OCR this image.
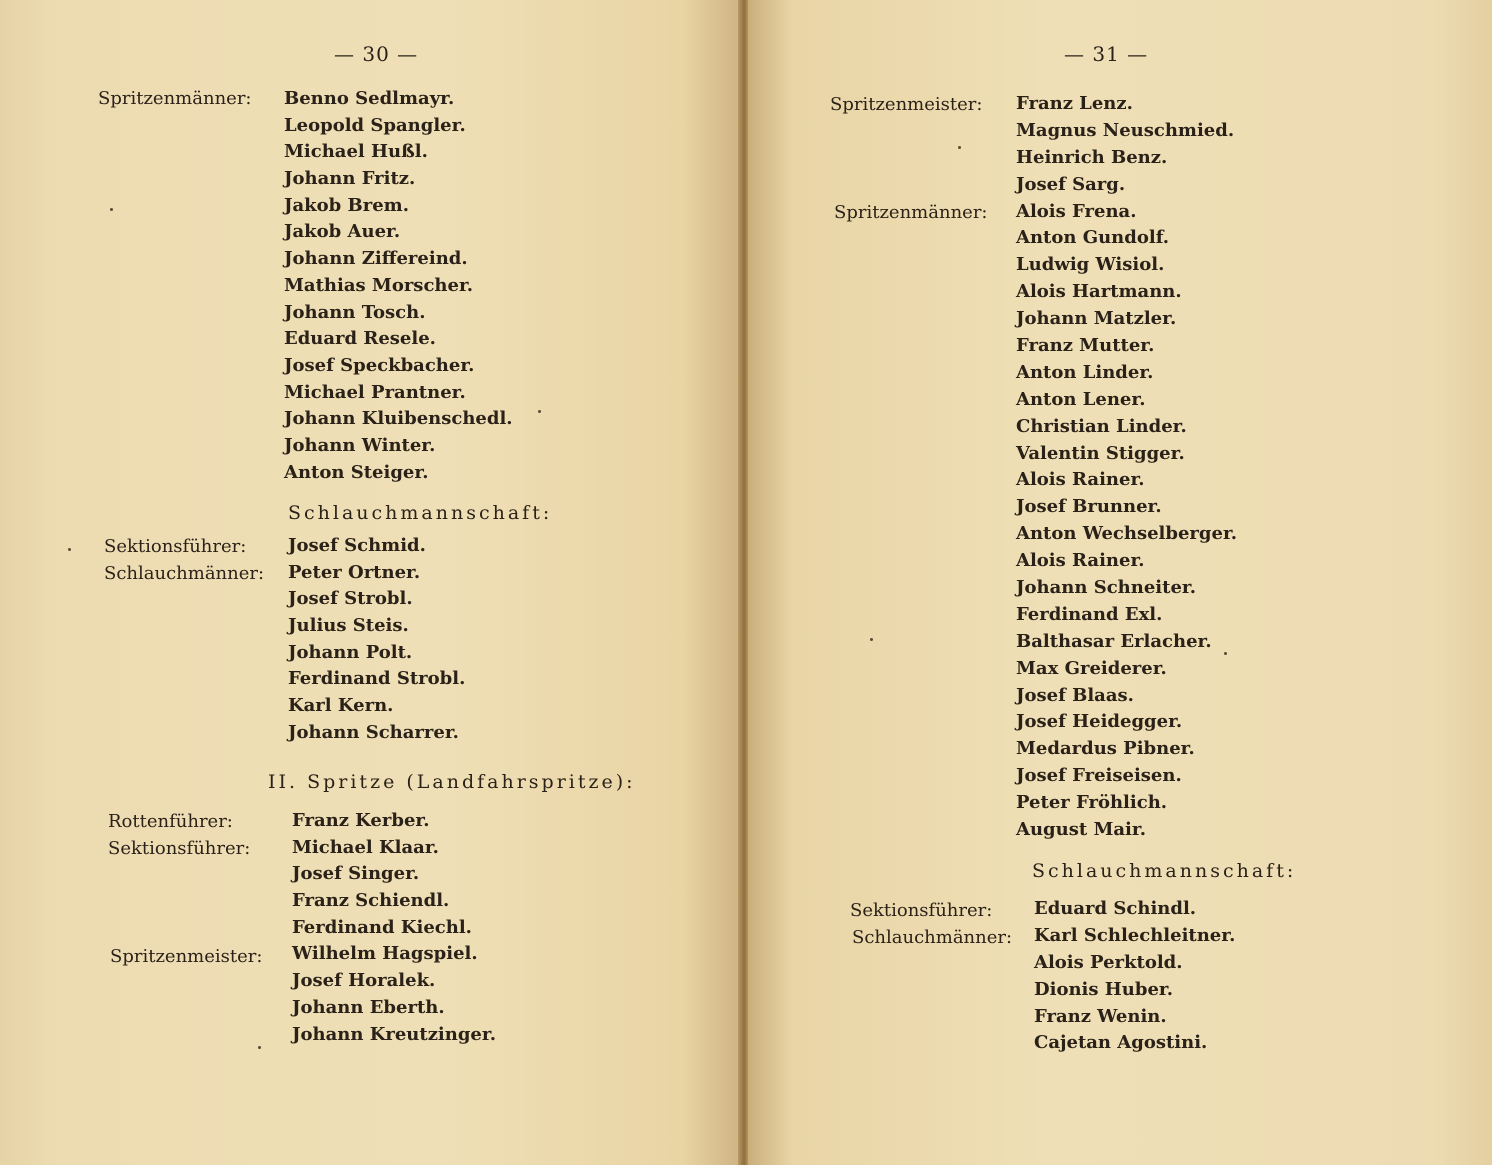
— 30 —
Spritzenmänner: Benno Sedlmayr.
Leopold Spangler.
Michael Hußl.
Johann Fritz.
Jakob Brem.
Jakob Auer.
Johann Ziffereind.
Mathias Morscher.
Johann Tosch.
Eduard Resele.
Josef Speckbacher.
Michael Prantner.
Johann Kluibenschedl.
Johann Winter.
Anton Steiger.
Schlauchmannschaft:
Sektionsführer:
Schlauchmänner:
Josef Schmid.
Peter Ortner.
Josef Strobl.
Julius Steis.
Johann Polt.
Ferdinand Strobl.
Karl Kern.
Johann Scharrer.
II. Spritze (Landfahrspritze):
Rottenführer:
Sektionsführer:
Spritzenmeister:
Franz Kerber.
Michael Klaar.
Josef Singer.
Franz Schiendl.
Ferdinand Kiechl.
Wilhelm Hagspiel.
Josef Horalek.
Johann Eberth.
Johann Kreutzinger.
— 31 —
Spritzenmeister:
Spritzenmänner:
Franz Lenz.
Magnus Neuschmied.
Heinrich Benz.
Josef Sarg.
Alois Frena.
Anton Gundolf.
Ludwig Wisiol.
Alois Hartmann.
Johann Matzler.
Franz Mutter.
Anton Linder.
Anton Lener.
Christian Linder.
Valentin Stigger.
Alois Rainer.
Josef Brunner.
Anton Wechselberger.
Alois Rainer.
Johann Schneiter.
Ferdinand Exl.
Balthasar Erlacher.
Max Greiderer.
Josef Blaas.
Josef Heidegger.
Medardus Pibner.
Josef Freiseisen.
Peter Fröhlich.
August Mair.
Schlauchmannschaft:
Sektionsführer:
Schlauchmänner:
Eduard Schindl.
Karl Schlechleitner.
Alois Perktold.
Dionis Huber.
Franz Wenin.
Cajetan Agostini.
